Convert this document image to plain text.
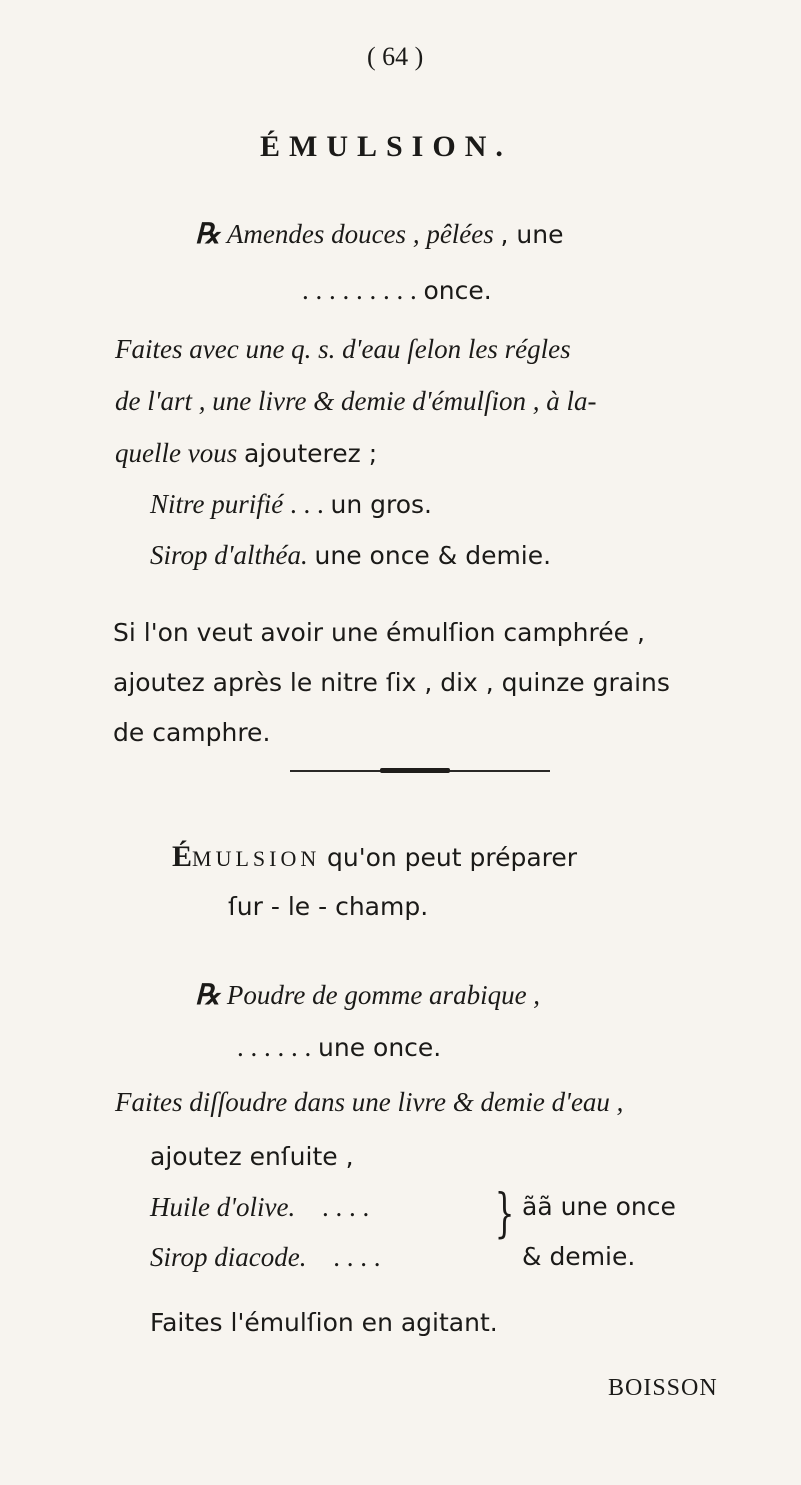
( 64 )
ÉMULSION.
℞ Amendes douces , pêlées , une
. . . . . . . . . once.
Faites avec une q. s. d'eau ſelon les régles
de l'art , une livre & demie d'émulſion , à la-
quelle vous ajouterez ;
Nitre purifié . . . un gros.
Sirop d'althéa. une once & demie.
Si l'on veut avoir une émulſion camphrée ,
ajoutez après le nitre ſix , dix , quinze grains
de camphre.
ÉMULSION qu'on peut préparer
ſur - le - champ.
℞ Poudre de gomme arabique ,
. . . . . . une once.
Faites diſſoudre dans une livre & demie d'eau ,
ajoutez enſuite ,
Huile d'olive. . . . .
Sirop diacode. . . . .
} ãã une once
& demie.
Faites l'émulſion en agitant.
BOISSON
